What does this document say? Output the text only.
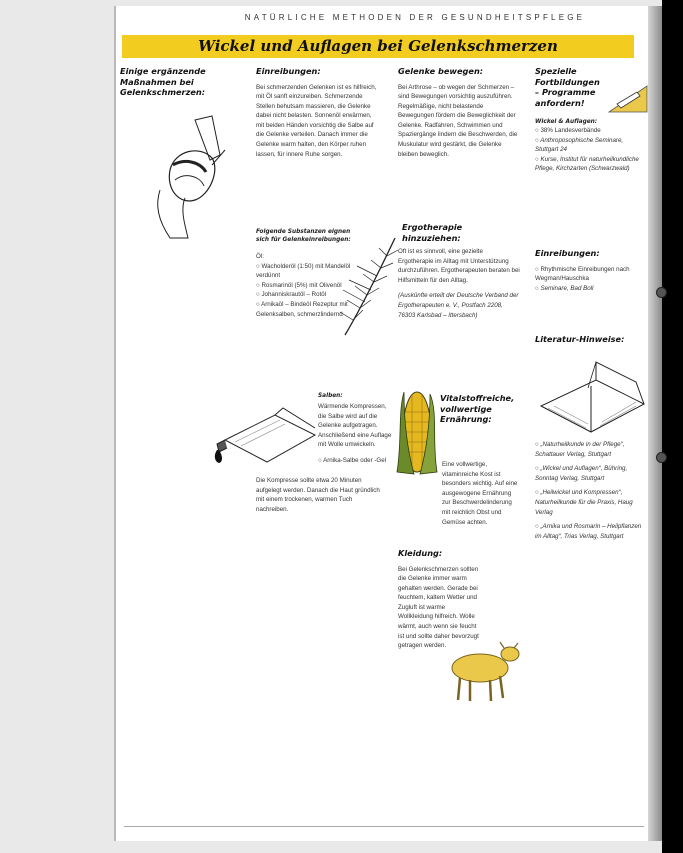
NATÜRLICHE METHODEN DER GESUNDHEITSPFLEGE
Wickel und Auflagen bei Gelenkschmerzen
Einige ergänzende Maßnahmen bei Gelenkschmerzen:
Einreibungen:

Bei schmerzenden Gelenken ist es hilfreich, mit Öl sanft einzureiben. Schmerzende Stellen behutsam massieren, die Gelenke dabei nicht belasten. Sonnenöl erwärmen, mit beiden Händen vorsichtig die Salbe auf die Gelenke verteilen. Danach immer die Gelenke warm halten, den Körper ruhen lassen, für innere Ruhe sorgen.

Folgende Substanzen eignen sich für Gelenkeinreibungen:
Öl:
○ Wacholderöl (1:50) mit Mandelöl verdünnt
○ Rosmarinöl (5%) mit Olivenöl
○ Johanniskrautöl – Rotöl
○ Arnikaöl – Bindeöl Rezeptur mit Gelenksalben, schmerzlindernd
Gelenke bewegen:

Bei Arthrose – ob wegen der Schmerzen – sind Bewegungen vorsichtig auszuführen. Regelmäßige, nicht belastende Bewegungen fördern die Beweglichkeit der Gelenke. Radfahren, Schwimmen und Spaziergänge lindern die Beschwerden, die Muskulatur wird gestärkt, die Gelenke bleiben beweglich.

Ergotherapie hinzuziehen:

Oft ist es sinnvoll, eine gezielte Ergotherapie im Alltag mit Unterstützung durchzuführen. Ergotherapeuten beraten bei Hilfsmitteln für den Alltag.

(Auskünfte erteilt der Deutsche Verband der Ergotherapeuten e. V., Postfach 2208, 76303 Karlsbad – Ittersbach)

Salben:

Wärmende Kompressen, die Salbe wird auf die Gelenke aufgetragen. Anschließend eine Auflage mit Wolle umwickeln.

○ Arnika-Salbe oder -Gel

Die Kompresse sollte etwa 20 Minuten aufgelegt werden. Danach die Haut gründlich mit einem trockenen, warmen Tuch nachreiben.

Vitalstoffreiche, vollwertige Ernährung:

Eine vollwertige, vitaminreiche Kost ist besonders wichtig. Auf eine ausgewogene Ernährung zur Beschwerdelinderung mit reichlich Obst und Gemüse achten.

Kleidung:

Bei Gelenkschmerzen sollten die Gelenke immer warm gehalten werden. Gerade bei feuchtem, kaltem Wetter und Zugluft ist warme Wollkleidung hilfreich. Wolle wärmt, auch wenn sie feucht ist und sollte daher bevorzugt getragen werden.

Spezielle Fortbildungen – Programme anfordern!
Wickel & Auflagen:
○ 38% Landesverbände
○ Anthroposophische Seminare, Stuttgart 24
○ Kurse, Institut für naturheilkundliche Pflege, Kirchzarten (Schwarzwald)
Einreibungen:
○ Rhythmische Einreibungen nach Wegman/Hauschka
○ Seminare, Bad Boll
Literatur-Hinweise:
○ „Naturheilkunde in der Pflege“, Schattauer Verlag, Stuttgart
○ „Wickel und Auflagen“, Bühring, Sonntag Verlag, Stuttgart
○ „Heilwickel und Kompressen“, Naturheilkunde für die Praxis, Haug Verlag
○ „Arnika und Rosmarin – Heilpflanzen im Alltag“, Trias Verlag, Stuttgart
